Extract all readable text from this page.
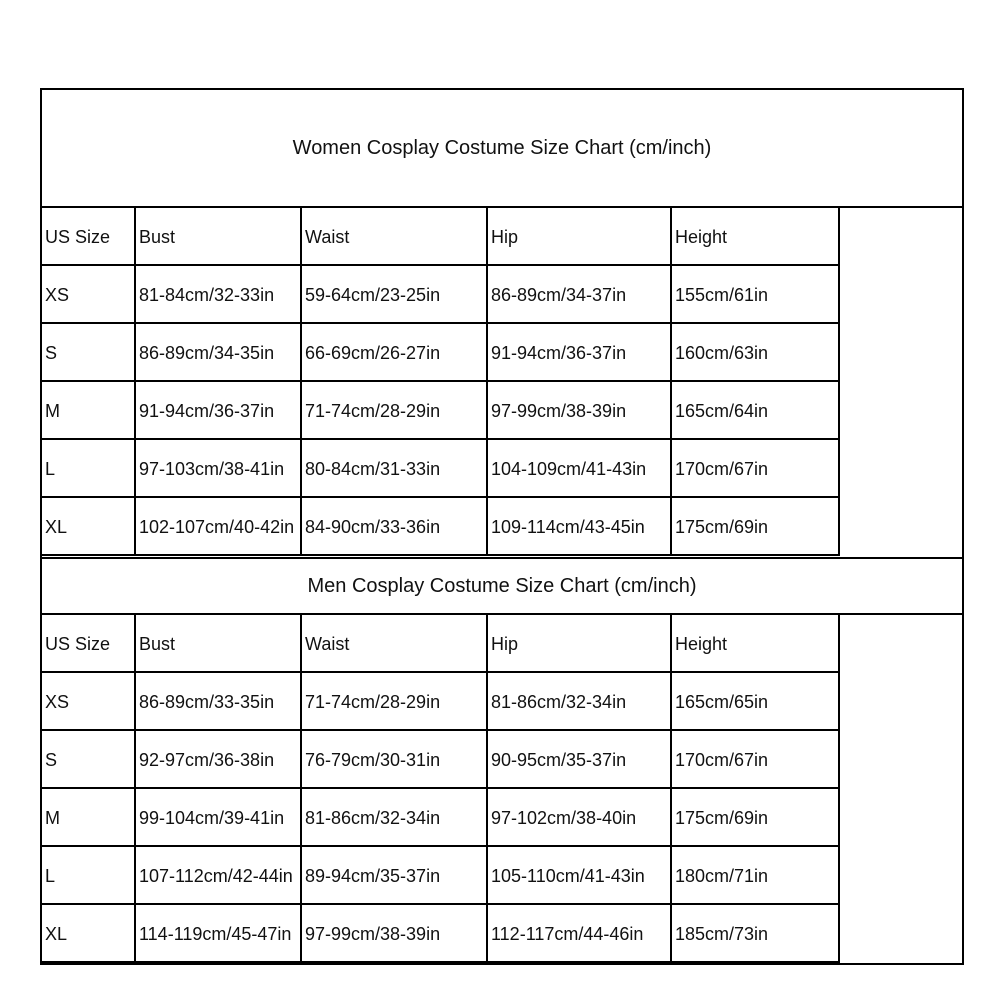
Women Cosplay Costume Size Chart (cm/inch)
US Size	Bust	Waist	Hip	Height
XS	81-84cm/32-33in	59-64cm/23-25in	86-89cm/34-37in	155cm/61in
S	86-89cm/34-35in	66-69cm/26-27in	91-94cm/36-37in	160cm/63in
M	91-94cm/36-37in	71-74cm/28-29in	97-99cm/38-39in	165cm/64in
L	97-103cm/38-41in	80-84cm/31-33in	104-109cm/41-43in	170cm/67in
XL	102-107cm/40-42in 84-90cm/33-36in	109-114cm/43-45in	175cm/69in
Men Cosplay Costume Size Chart (cm/inch)
US Size	Bust	Waist	Hip	Height
XS	86-89cm/33-35in	71-74cm/28-29in	81-86cm/32-34in	165cm/65in
S	92-97cm/36-38in	76-79cm/30-31in	90-95cm/35-37in	170cm/67in
M	99-104cm/39-41in	81-86cm/32-34in	97-102cm/38-40in	175cm/69in
L	107-112cm/42-44in 89-94cm/35-37in	105-110cm/41-43in	180cm/71in
XL	114-119cm/45-47in 97-99cm/38-39in	112-117cm/44-46in	185cm/73in
